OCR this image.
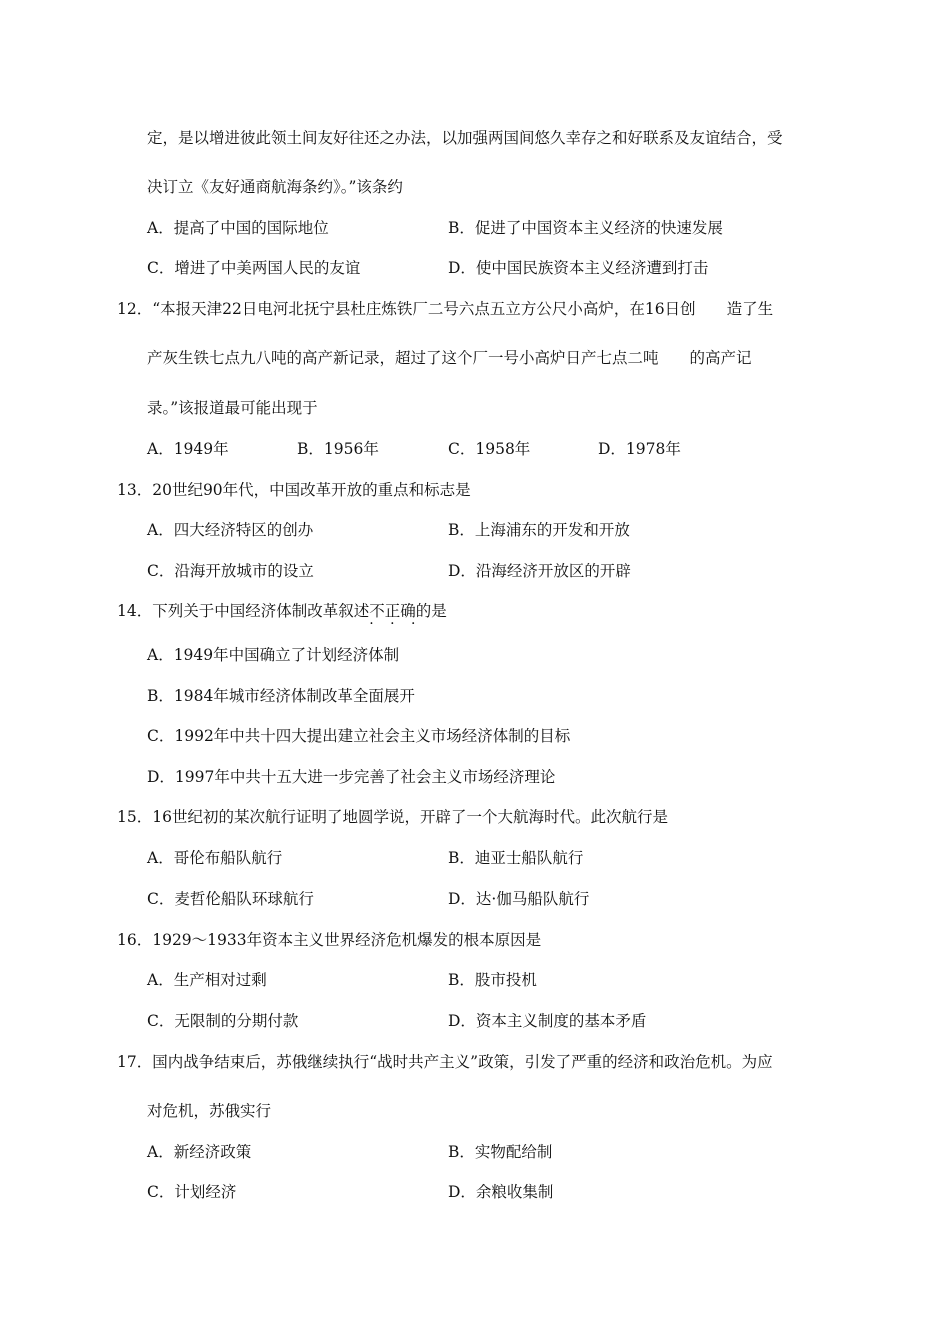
定，是以增进彼此领土间友好往还之办法，以加强两国间悠久幸存之和好联系及友谊结合，受
决订立《友好通商航海条约》。”该条约
A．提高了中国的国际地位	B．促进了中国资本主义经济的快速发展
C．增进了中美两国人民的友谊	D．使中国民族资本主义经济遭到打击
12．“本报天津22日电河北抚宁县杜庄炼铁厂二号六点五立方公尺小高炉，在16日创　　造了生
产灰生铁七点九八吨的高产新记录，超过了这个厂一号小高炉日产七点二吨　　的高产记
录。”该报道最可能出现于
A．1949年	B．1956年	C．1958年	D．1978年
13．20世纪90年代，中国改革开放的重点和标志是
A．四大经济特区的创办	B．上海浦东的开发和开放
C．沿海开放城市的设立	D．沿海经济开放区的开辟
14．下列关于中国经济体制改革叙述不正确 · · ·的是
A．1949年中国确立了计划经济体制
B．1984年城市经济体制改革全面展开
C．1992年中共十四大提出建立社会主义市场经济体制的目标
D．1997年中共十五大进一步完善了社会主义市场经济理论
15．16世纪初的某次航行证明了地圆学说，开辟了一个大航海时代。此次航行是
A．哥伦布船队航行	B．迪亚士船队航行
C．麦哲伦船队环球航行	D．达·伽马船队航行
16．1929～1933年资本主义世界经济危机爆发的根本原因是
A．生产相对过剩	B．股市投机
C．无限制的分期付款	D．资本主义制度的基本矛盾
17．国内战争结束后，苏俄继续执行“战时共产主义”政策，引发了严重的经济和政治危机。为应
对危机，苏俄实行
A．新经济政策	B．实物配给制
C．计划经济	D．余粮收集制
